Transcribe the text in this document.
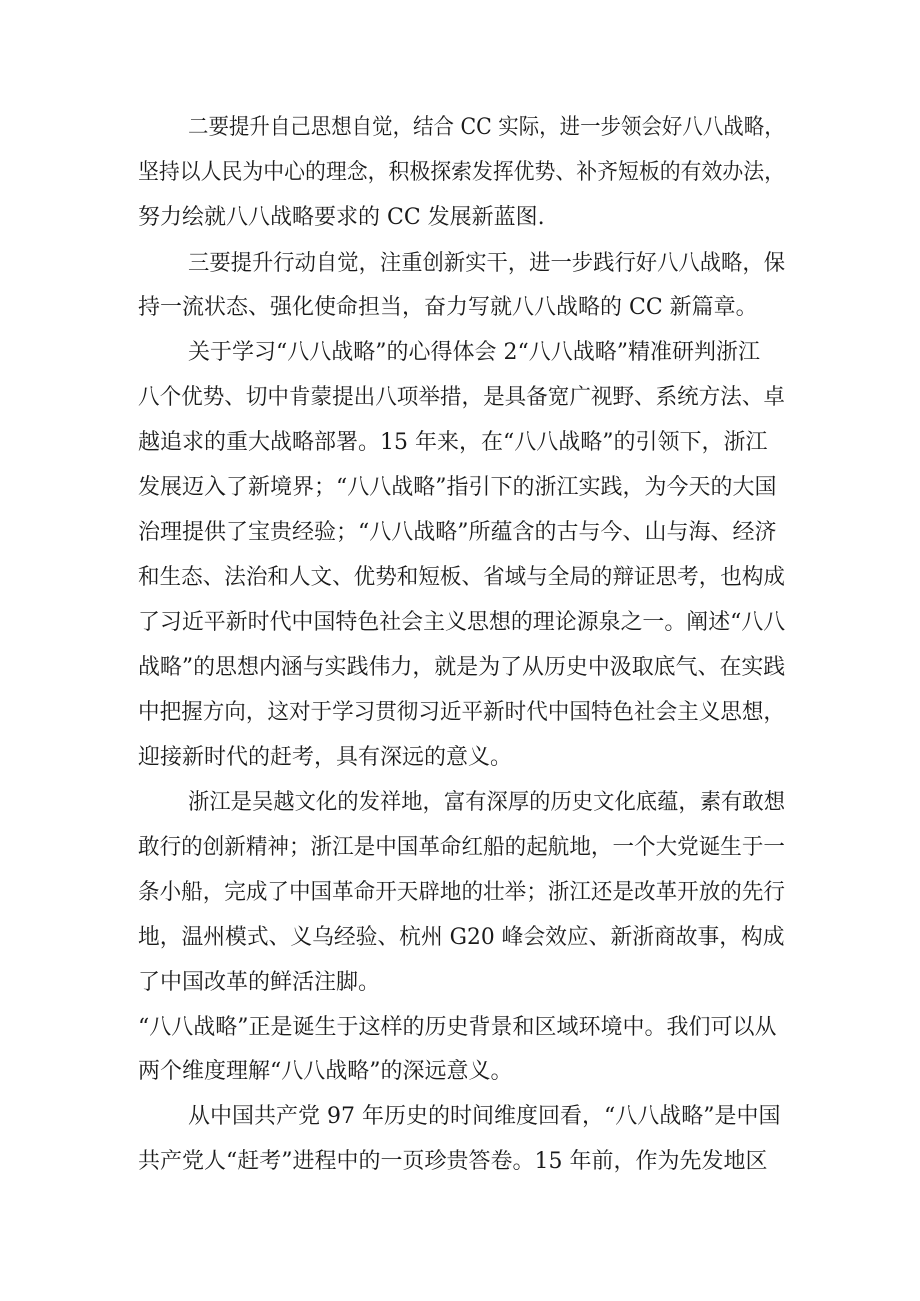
二要提升自己思想自觉，结合 CC 实际，进一步领会好八八战略，
坚持以人民为中心的理念，积极探索发挥优势、补齐短板的有效办法，
努力绘就八八战略要求的 CC 发展新蓝图.
三要提升行动自觉，注重创新实干，进一步践行好八八战略，保
持一流状态、强化使命担当，奋力写就八八战略的 CC 新篇章。
关于学习“八八战略”的心得体会 2“八八战略”精准研判浙江
八个优势、切中肯蒙提出八项举措，是具备宽广视野、系统方法、卓
越追求的重大战略部署。15 年来，在“八八战略”的引领下，浙江
发展迈入了新境界；“八八战略”指引下的浙江实践，为今天的大国
治理提供了宝贵经验；“八八战略”所蕴含的古与今、山与海、经济
和生态、法治和人文、优势和短板、省域与全局的辩证思考，也构成
了习近平新时代中国特色社会主义思想的理论源泉之一。阐述“八八
战略”的思想内涵与实践伟力，就是为了从历史中汲取底气、在实践
中把握方向，这对于学习贯彻习近平新时代中国特色社会主义思想，
迎接新时代的赶考，具有深远的意义。
浙江是吴越文化的发祥地，富有深厚的历史文化底蕴，素有敢想
敢行的创新精神；浙江是中国革命红船的起航地，一个大党诞生于一
条小船，完成了中国革命开天辟地的壮举；浙江还是改革开放的先行
地，温州模式、义乌经验、杭州 G20 峰会效应、新浙商故事，构成
了中国改革的鲜活注脚。
“八八战略”正是诞生于这样的历史背景和区域环境中。我们可以从
两个维度理解“八八战略”的深远意义。
从中国共产党 97 年历史的时间维度回看，“八八战略”是中国
共产党人“赶考”进程中的一页珍贵答卷。15 年前，作为先发地区
